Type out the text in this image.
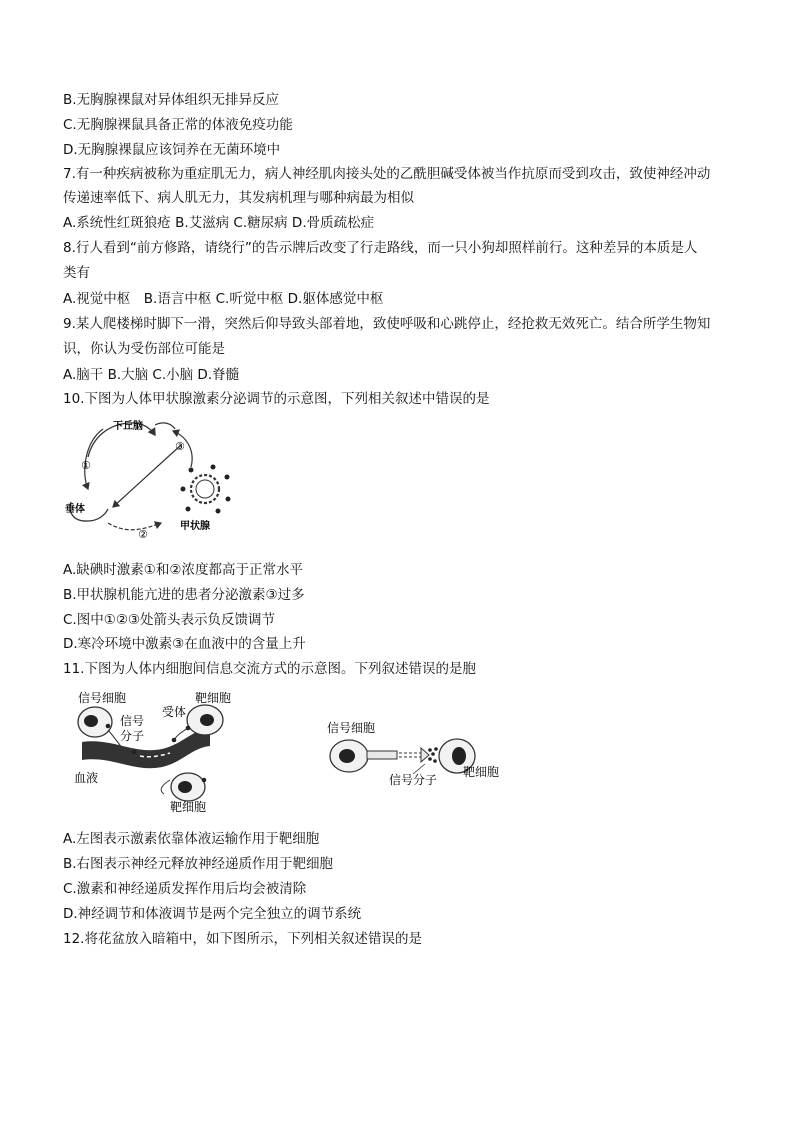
B.无胸腺裸鼠对异体组织无排异反应
C.无胸腺裸鼠具备正常的体液免疫功能
D.无胸腺裸鼠应该饲养在无菌环境中
7.有一种疾病被称为重症肌无力，病人神经肌肉接头处的乙酰胆碱受体被当作抗原而受到攻击，致使神经冲动
传递速率低下、病人肌无力，其发病机理与哪种病最为相似
A.系统性红斑狼疮 B.艾滋病 C.糖尿病 D.骨质疏松症
8.行人看到“前方修路，请绕行”的告示牌后改变了行走路线，而一只小狗却照样前行。这种差异的本质是人
类有
A.视觉中枢　B.语言中枢 C.听觉中枢 D.躯体感觉中枢
9.某人爬楼梯时脚下一滑，突然后仰导致头部着地，致使呼吸和心跳停止，经抢救无效死亡。结合所学生物知
识，你认为受伤部位可能是
A.脑干 B.大脑 C.小脑 D.脊髓
10.下图为人体甲状腺激素分泌调节的示意图，下列相关叙述中错误的是
下丘脑
垂体
甲状腺
①
②
③
A.缺碘时激素①和②浓度都高于正常水平
B.甲状腺机能亢进的患者分泌激素③过多
C.图中①②③处箭头表示负反馈调节
D.寒冷环境中激素③在血液中的含量上升
11.下图为人体内细胞间信息交流方式的示意图。下列叙述错误的是胞
信号细胞
信号
分子
受体
靶细胞
血液
靶细胞
信号细胞
信号分子
靶细胞
A.左图表示激素依靠体液运输作用于靶细胞
B.右图表示神经元释放神经递质作用于靶细胞
C.激素和神经递质发挥作用后均会被清除
D.神经调节和体液调节是两个完全独立的调节系统
12.将花盆放入暗箱中，如下图所示，下列相关叙述错误的是
